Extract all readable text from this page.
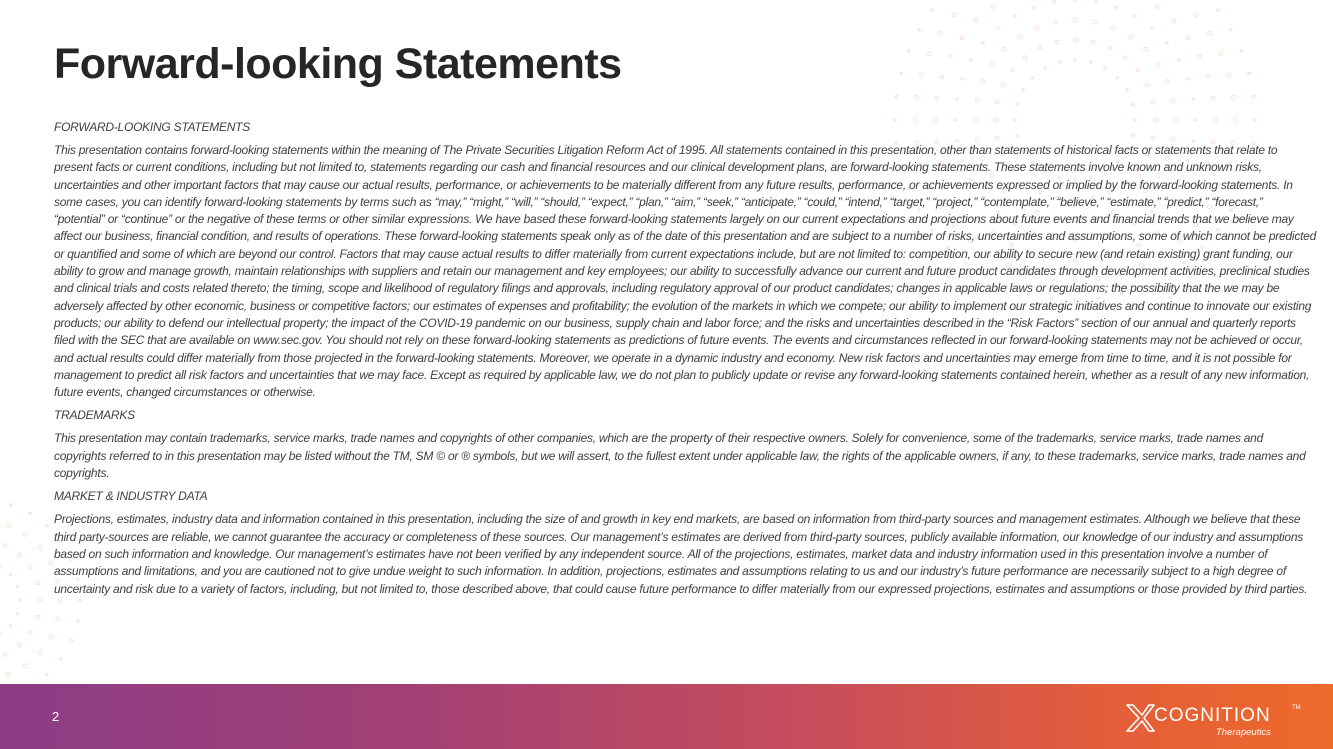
Forward-looking Statements

FORWARD-LOOKING STATEMENTS

This presentation contains forward-looking statements within the meaning of The Private Securities Litigation Reform Act of 1995. All statements contained in this presentation, other than statements of historical facts or statements that relate to present facts or current conditions, including but not limited to, statements regarding our cash and financial resources and our clinical development plans, are forward-looking statements. These statements involve known and unknown risks, uncertainties and other important factors that may cause our actual results, performance, or achievements to be materially different from any future results, performance, or achievements expressed or implied by the forward-looking statements. In some cases, you can identify forward-looking statements by terms such as “may,” “might,” “will,” “should,” “expect,” “plan,” “aim,” “seek,” “anticipate,” “could,” “intend,” “target,” “project,” “contemplate,” “believe,” “estimate,” “predict,” “forecast,” “potential” or “continue” or the negative of these terms or other similar expressions. We have based these forward-looking statements largely on our current expectations and projections about future events and financial trends that we believe may affect our business, financial condition, and results of operations. These forward-looking statements speak only as of the date of this presentation and are subject to a number of risks, uncertainties and assumptions, some of which cannot be predicted or quantified and some of which are beyond our control. Factors that may cause actual results to differ materially from current expectations include, but are not limited to: competition, our ability to secure new (and retain existing) grant funding, our ability to grow and manage growth, maintain relationships with suppliers and retain our management and key employees; our ability to successfully advance our current and future product candidates through development activities, preclinical studies and clinical trials and costs related thereto; the timing, scope and likelihood of regulatory filings and approvals, including regulatory approval of our product candidates; changes in applicable laws or regulations; the possibility that the we may be adversely affected by other economic, business or competitive factors; our estimates of expenses and profitability; the evolution of the markets in which we compete; our ability to implement our strategic initiatives and continue to innovate our existing products; our ability to defend our intellectual property; the impact of the COVID-19 pandemic on our business, supply chain and labor force; and the risks and uncertainties described in the “Risk Factors” section of our annual and quarterly reports filed with the SEC that are available on www.sec.gov. You should not rely on these forward-looking statements as predictions of future events. The events and circumstances reflected in our forward-looking statements may not be achieved or occur, and actual results could differ materially from those projected in the forward-looking statements. Moreover, we operate in a dynamic industry and economy. New risk factors and uncertainties may emerge from time to time, and it is not possible for management to predict all risk factors and uncertainties that we may face. Except as required by applicable law, we do not plan to publicly update or revise any forward-looking statements contained herein, whether as a result of any new information, future events, changed circumstances or otherwise.

TRADEMARKS

This presentation may contain trademarks, service marks, trade names and copyrights of other companies, which are the property of their respective owners. Solely for convenience, some of the trademarks, service marks, trade names and copyrights referred to in this presentation may be listed without the TM, SM © or ® symbols, but we will assert, to the fullest extent under applicable law, the rights of the applicable owners, if any, to these trademarks, service marks, trade names and copyrights.

MARKET & INDUSTRY DATA

Projections, estimates, industry data and information contained in this presentation, including the size of and growth in key end markets, are based on information from third-party sources and management estimates. Although we believe that these third party-sources are reliable, we cannot guarantee the accuracy or completeness of these sources. Our management’s estimates are derived from third-party sources, publicly available information, our knowledge of our industry and assumptions based on such information and knowledge. Our management’s estimates have not been verified by any independent source. All of the projections, estimates, market data and industry information used in this presentation involve a number of assumptions and limitations, and you are cautioned not to give undue weight to such information. In addition, projections, estimates and assumptions relating to us and our industry’s future performance are necessarily subject to a high degree of uncertainty and risk due to a variety of factors, including, but not limited to, those described above, that could cause future performance to differ materially from our expressed projections, estimates and assumptions or those provided by third parties.

2	COGNITION	TM
Therapeutics
